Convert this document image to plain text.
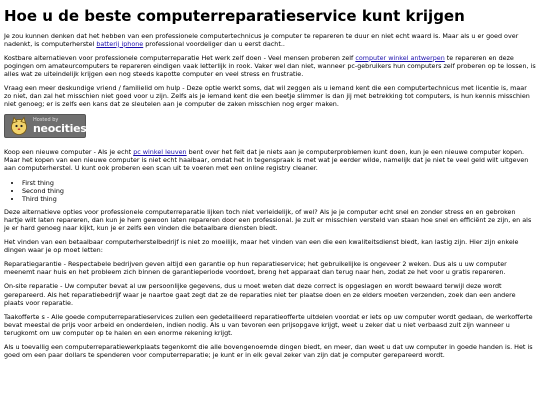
Hoe u de beste computerreparatieservice kunt krijgen

Je zou kunnen denken dat het hebben van een professionele computertechnicus je computer te repareren te duur en niet echt waard is. Maar als u er goed over nadenkt, is computerherstel batterij iphone professional voordeliger dan u eerst dacht..

Kostbare alternatieven voor professionele computerreparatie Het werk zelf doen - Veel mensen proberen zelf computer winkel antwerpen te repareren en deze pogingen om amateurcomputers te repareren eindigen vaak letterlijk in rook. Vaker wel dan niet, wanneer pc-gebruikers hun computers zelf proberen op te lossen, is alles wat ze uiteindelijk krijgen een nog steeds kapotte computer en veel stress en frustratie.

Vraag een meer deskundige vriend / familielid om hulp - Deze optie werkt soms, dat wil zeggen als u iemand kent die een computertechnicus met licentie is, maar zo niet, dan zal het misschien niet goed voor u zijn. Zelfs als je iemand kent die een beetje slimmer is dan jij met betrekking tot computers, is hun kennis misschien niet genoeg; er is zelfs een kans dat ze sleutelen aan je computer de zaken misschien nog erger maken.

Hosted by
neocities

Koop een nieuwe computer - Als je echt pc winkel leuven bent over het feit dat je niets aan je computerproblemen kunt doen, kun je een nieuwe computer kopen. Maar het kopen van een nieuwe computer is niet echt haalbaar, omdat het in tegenspraak is met wat je eerder wilde, namelijk dat je niet te veel geld wilt uitgeven aan computerherstel. U kunt ook proberen een scan uit te voeren met een online registry cleaner.

• First thing
• Second thing
• Third thing

Deze alternatieve opties voor professionele computerreparatie lijken toch niet verleidelijk, of wel? Als je je computer echt snel en zonder stress en en gebroken hartje wilt laten repareren, dan kun je hem gewoon laten repareren door een professional. Je zult er misschien versteld van staan hoe snel en efficiënt ze zijn, en als je er hard genoeg naar kijkt, kun je er zelfs een vinden die betaalbare diensten biedt.

Het vinden van een betaalbaar computerherstelbedrijf is niet zo moeilijk, maar het vinden van een die een kwaliteitsdienst biedt, kan lastig zijn. Hier zijn enkele dingen waar je op moet letten:

Reparatiegarantie - Respectabele bedrijven geven altijd een garantie op hun reparatieservice; het gebruikelijke is ongeveer 2 weken. Dus als u uw computer meenemt naar huis en het probleem zich binnen de garantieperiode voordoet, breng het apparaat dan terug naar hen, zodat ze het voor u gratis repareren.

On-site reparatie - Uw computer bevat al uw persoonlijke gegevens, dus u moet weten dat deze correct is opgeslagen en wordt bewaard terwijl deze wordt gerepareerd. Als het reparatiebedrijf waar je naartoe gaat zegt dat ze de reparaties niet ter plaatse doen en ze elders moeten verzenden, zoek dan een andere plaats voor reparatie.

Taakofferte s - Alle goede computerreparatieservices zullen een gedetailleerd reparatieofferte uitdelen voordat er iets op uw computer wordt gedaan, de werkofferte bevat meestal de prijs voor arbeid en onderdelen, indien nodig. Als u van tevoren een prijsopgave krijgt, weet u zeker dat u niet verbaasd zult zijn wanneer u terugkomt om uw computer op te halen en een enorme rekening krijgt.

Als u toevallig een computerreparatiewerkplaats tegenkomt die alle bovengenoemde dingen biedt, en meer, dan weet u dat uw computer in goede handen is. Het is goed om een paar dollars te spenderen voor computerreparatie; je kunt er in elk geval zeker van zijn dat je computer gerepareerd wordt.
